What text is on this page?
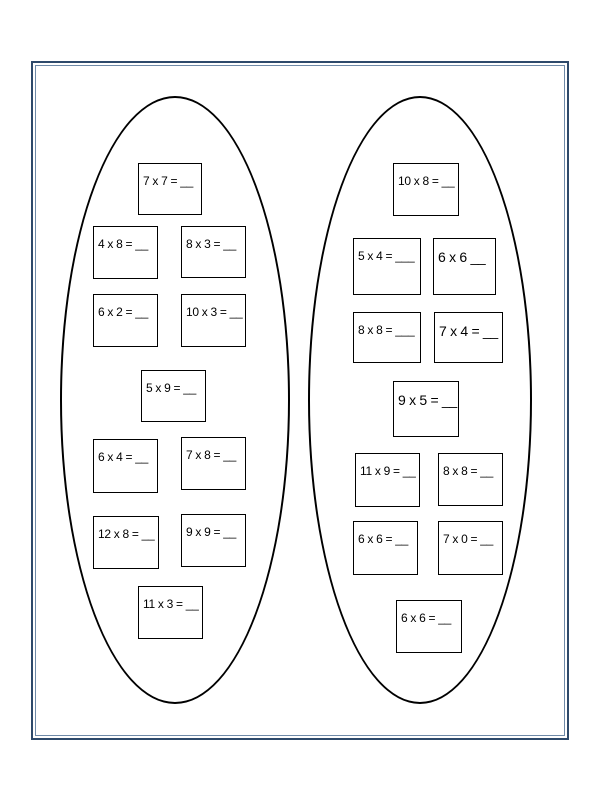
7 x 7 = __
4 x 8 = __	8 x 3 = __
6 x 2 = __	10 x 3 = __
5 x 9 = __
6 x 4 = __	7 x 8 = __
12 x 8 = __	9 x 9 = __
11 x 3 = __
10 x 8 = __
5 x 4 = ___ 6 x 6 __
8 x 8 = ___ 7 x 4 = __
9 x 5 = __
11 x 9 = __ 8 x 8 = __
6 x 6 = __	7 x 0 = __
6 x 6 = __
